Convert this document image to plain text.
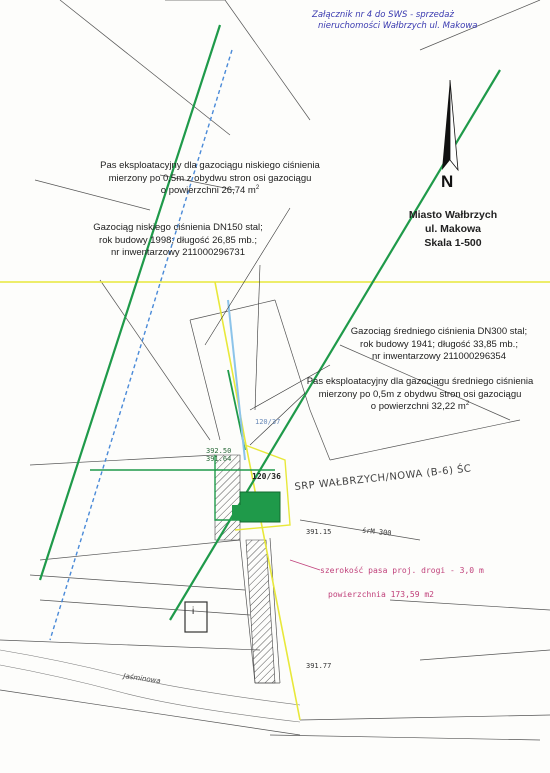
Załącznik nr 4 do SWS - sprzedaż
nieruchomości Wałbrzych ul. Makowa
N
Miasto Wałbrzych
ul. Makowa
Skala 1-500
Pas eksploatacyjny dla gazociągu niskiego ciśnienia
mierzony po 0,5m z obydwu stron osi gazociągu
o powierzchni 26,74 $m^2$
Gazociąg niskiego ciśnienia DN150 stal;
rok budowy 1998; długość 26,85 mb.;
nr inwentarzowy 211000296731
Gazociąg średniego ciśnienia DN300 stal;
rok budowy 1941; długość 33,85 mb.;
nr inwentarzowy 211000296354
Pas eksploatacyjny dla gazociągu średniego ciśnienia
mierzony po 0,5m z obydwu stron osi gazociągu
o powierzchni 32,22 $m^2$
120/36
120/37
SRP WAŁBRZYCH/NOWA (B-6) ŚC
392.50
391.64
391.15
391.77
śrM 300
szerokość pasa proj. drogi - 3,0 m
powierzchnia 173,59 m2
Jaśminowa
i
